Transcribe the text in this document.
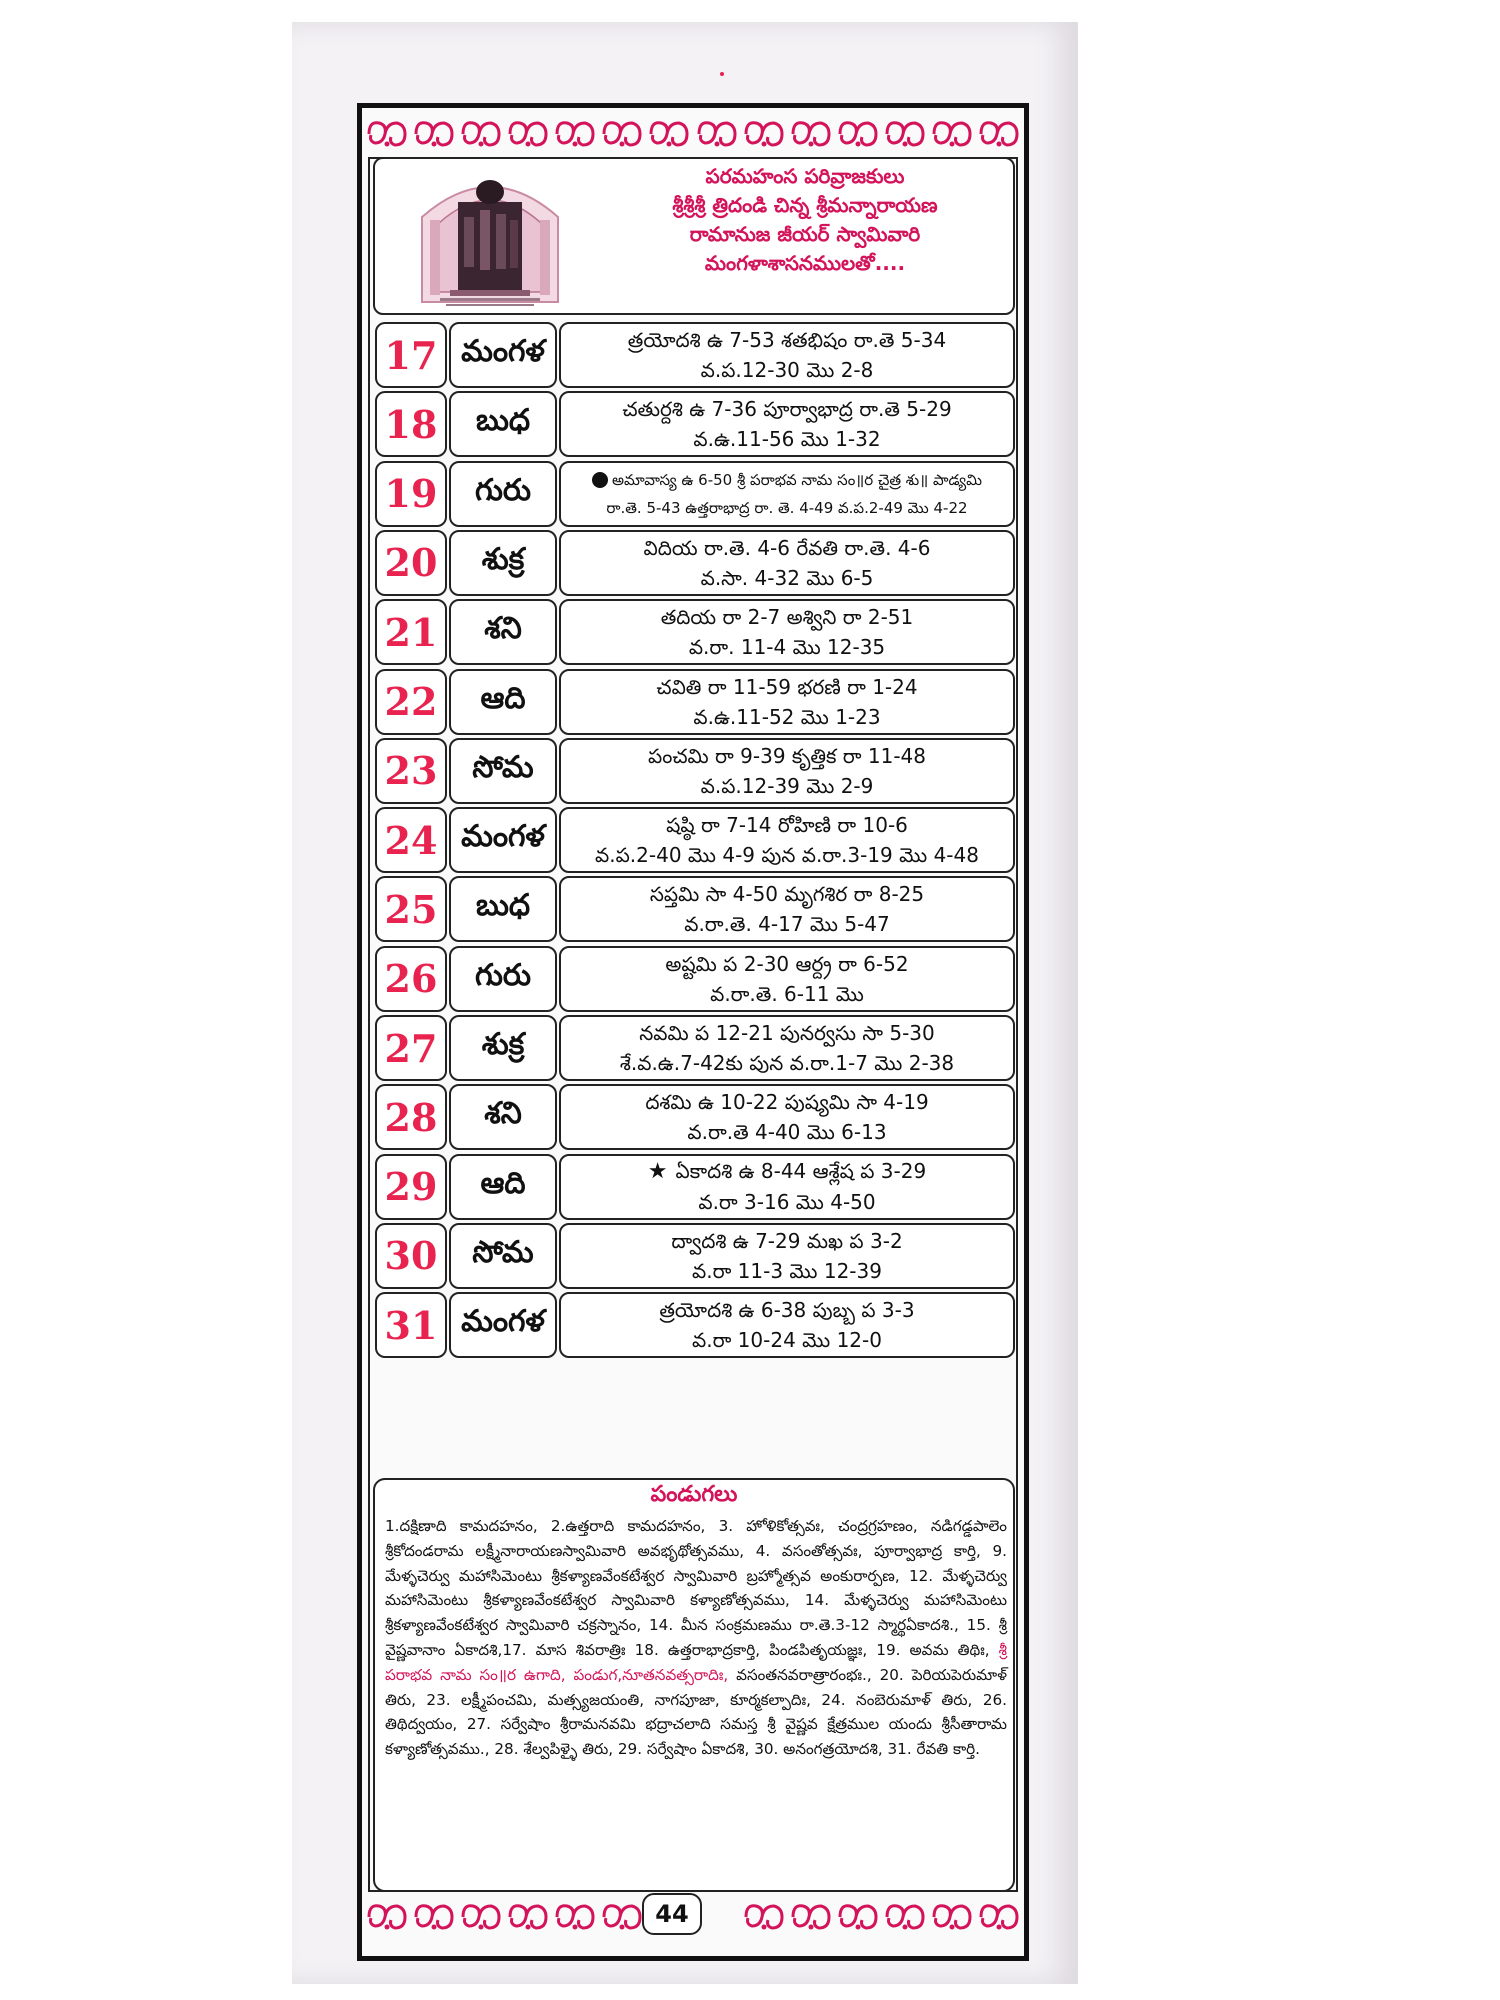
పరమహంస పరివ్రాజకులు
శ్రీశ్రీశ్రీ త్రిదండి చిన్న శ్రీమన్నారాయణ
రామానుజ జీయర్ స్వామివారి
మంగళాశాసనములతో....
17 మంగళ	త్రయోదశి ఉ 7-53 శతభిషం రా.తె 5-34
వ.ప.12-30 మొ 2-8
18	బుధ	చతుర్దశి ఉ 7-36 పూర్వాభాద్ర రా.తె 5-29
వ.ఉ.11-56 మొ 1-32
19	గురు	అమావాస్య ఉ 6-50 శ్రీ పరాభవ నామ సం॥ర చైత్ర శు॥ పాడ్యమి
రా.తె. 5-43 ఉత్తరాభాద్ర రా. తె. 4-49 వ.ప.2-49 మొ 4-22
20	శుక్ర	విదియ రా.తె. 4-6 రేవతి రా.తె. 4-6
వ.సా. 4-32 మొ 6-5
21	శని	తదియ రా 2-7 అశ్విని రా 2-51
వ.రా. 11-4 మొ 12-35
22	ఆది	చవితి రా 11-59 భరణి రా 1-24
వ.ఉ.11-52 మొ 1-23
23	సోమ	పంచమి రా 9-39 కృత్తిక రా 11-48
వ.ప.12-39 మొ 2-9
24 మంగళ	షష్ఠి రా 7-14 రోహిణి రా 10-6
వ.ప.2-40 మొ 4-9 పున వ.రా.3-19 మొ 4-48
25	బుధ	సప్తమి సా 4-50 మృగశిర రా 8-25
వ.రా.తె. 4-17 మొ 5-47
26	గురు	అష్టమి ప 2-30 ఆర్ద్ర రా 6-52
వ.రా.తె. 6-11 మొ
27	శుక్ర	నవమి ప 12-21 పునర్వసు సా 5-30
శే.వ.ఉ.7-42కు పున వ.రా.1-7 మొ 2-38
28	శని	దశమి ఉ 10-22 పుష్యమి సా 4-19
వ.రా.తె 4-40 మొ 6-13
29	ఆది	★ ఏకాదశి ఉ 8-44 ఆశ్లేష ప 3-29
వ.రా 3-16 మొ 4-50
30	సోమ	ద్వాదశి ఉ 7-29 మఖ ప 3-2
వ.రా 11-3 మొ 12-39
31 మంగళ	త్రయోదశి ఉ 6-38 పుబ్బ ప 3-3
వ.రా 10-24 మొ 12-0
పండుగలు
1.దక్షిణాది కామదహనం, 2.ఉత్తరాది కామదహనం, 3. హోళికోత్సవః, చంద్రగ్రహణం, నడిగడ్డపాలెం శ్రీకోదండరామ లక్ష్మీనారాయణస్వామివారి అవభృథోత్సవము, 4. వసంతోత్సవః, పూర్వాభాద్ర కార్తి, 9. మేళ్ళచెర్వు మహాసిమెంటు శ్రీకళ్యాణవేంకటేశ్వర స్వామివారి బ్రహ్మోత్సవ అంకురార్పణ, 12. మేళ్ళచెర్వు మహాసిమెంటు శ్రీకళ్యాణవేంకటేశ్వర స్వామివారి కళ్యాణోత్సవము, 14. మేళ్ళచెర్వు మహాసిమెంటు శ్రీకళ్యాణవేంకటేశ్వర స్వామివారి చక్రస్నానం, 14. మీన సంక్రమణము రా.తె.3-12 స్మార్థఏకాదశి., 15. శ్రీ వైష్ణవానాం ఏకాదశి,17. మాస శివరాత్రిః 18. ఉత్తరాభాద్రకార్తి, పిండపితృయజ్ఞః, 19. అవమ తిథిః, శ్రీ పరాభవ నామ సం॥ర ఉగాది, పండుగ,నూతనవత్సరాదిః, వసంతనవరాత్రారంభః., 20. పెరియపెరుమాళ్ తిరు, 23. లక్ష్మీపంచమి, మత్స్యజయంతి, నాగపూజా, కూర్మకల్పాదిః, 24. నంబెరుమాళ్ తిరు, 26. తిథిద్వయం, 27. సర్వేషాం శ్రీరామనవమి భద్రాచలాది సమస్త శ్రీ వైష్ణవ క్షేత్రముల యందు శ్రీసీతారామ కళ్యాణోత్సవము., 28. శేల్వపిళ్ళై తిరు, 29. సర్వేషాం ఏకాదశి, 30. అనంగత్రయోదశి, 31. రేవతి కార్తి.
44
